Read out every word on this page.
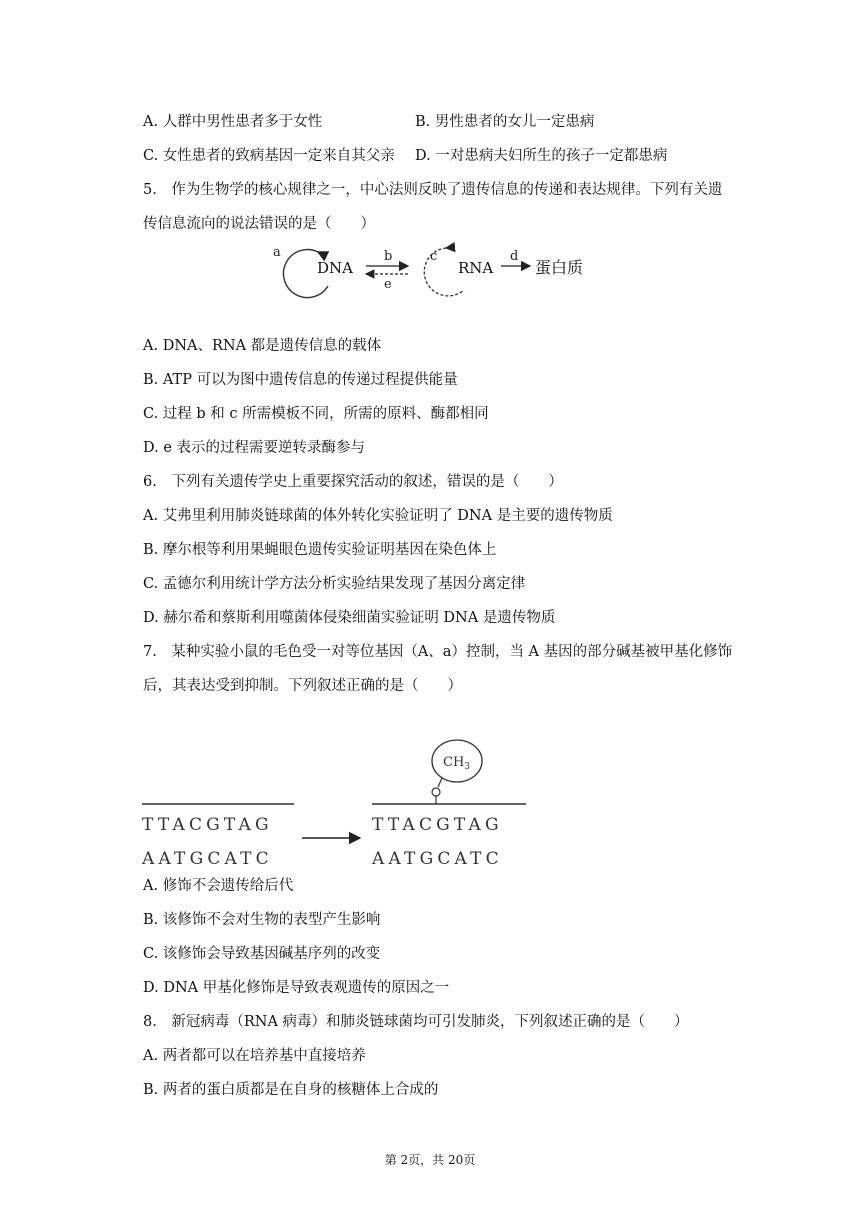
A. 人群中男性患者多于女性	B. 男性患者的女儿一定患病
C. 女性患者的致病基因一定来自其父亲 D. 一对患病夫妇所生的孩子一定都患病
5.　作为生物学的核心规律之一，中心法则反映了遗传信息的传递和表达规律。下列有关遗
传信息流向的说法错误的是（　　）
a
DNA
b
e
c
RNA
d
蛋白质
A. DNA、RNA 都是遗传信息的载体
B. ATP 可以为图中遗传信息的传递过程提供能量
C. 过程 b 和 c 所需模板不同，所需的原料、酶都相同
D. e 表示的过程需要逆转录酶参与
6.　下列有关遗传学史上重要探究活动的叙述，错误的是（　　）
A. 艾弗里利用肺炎链球菌的体外转化实验证明了 DNA 是主要的遗传物质
B. 摩尔根等利用果蝇眼色遗传实验证明基因在染色体上
C. 孟德尔利用统计学方法分析实验结果发现了基因分离定律
D. 赫尔希和蔡斯利用噬菌体侵染细菌实验证明 DNA 是遗传物质
7.　某种实验小鼠的毛色受一对等位基因（A、a）控制，当 A 基因的部分碱基被甲基化修饰
后，其表达受到抑制。下列叙述正确的是（　　）
TTACGTAG
AATGCATC
$CH_3$
TTACGTAG
AATGCATC
A. 修饰不会遗传给后代
B. 该修饰不会对生物的表型产生影响
C. 该修饰会导致基因碱基序列的改变
D. DNA 甲基化修饰是导致表观遗传的原因之一
8.　新冠病毒（RNA 病毒）和肺炎链球菌均可引发肺炎，下列叙述正确的是（　　）
A. 两者都可以在培养基中直接培养
B. 两者的蛋白质都是在自身的核糖体上合成的
第 2页，共 20页
